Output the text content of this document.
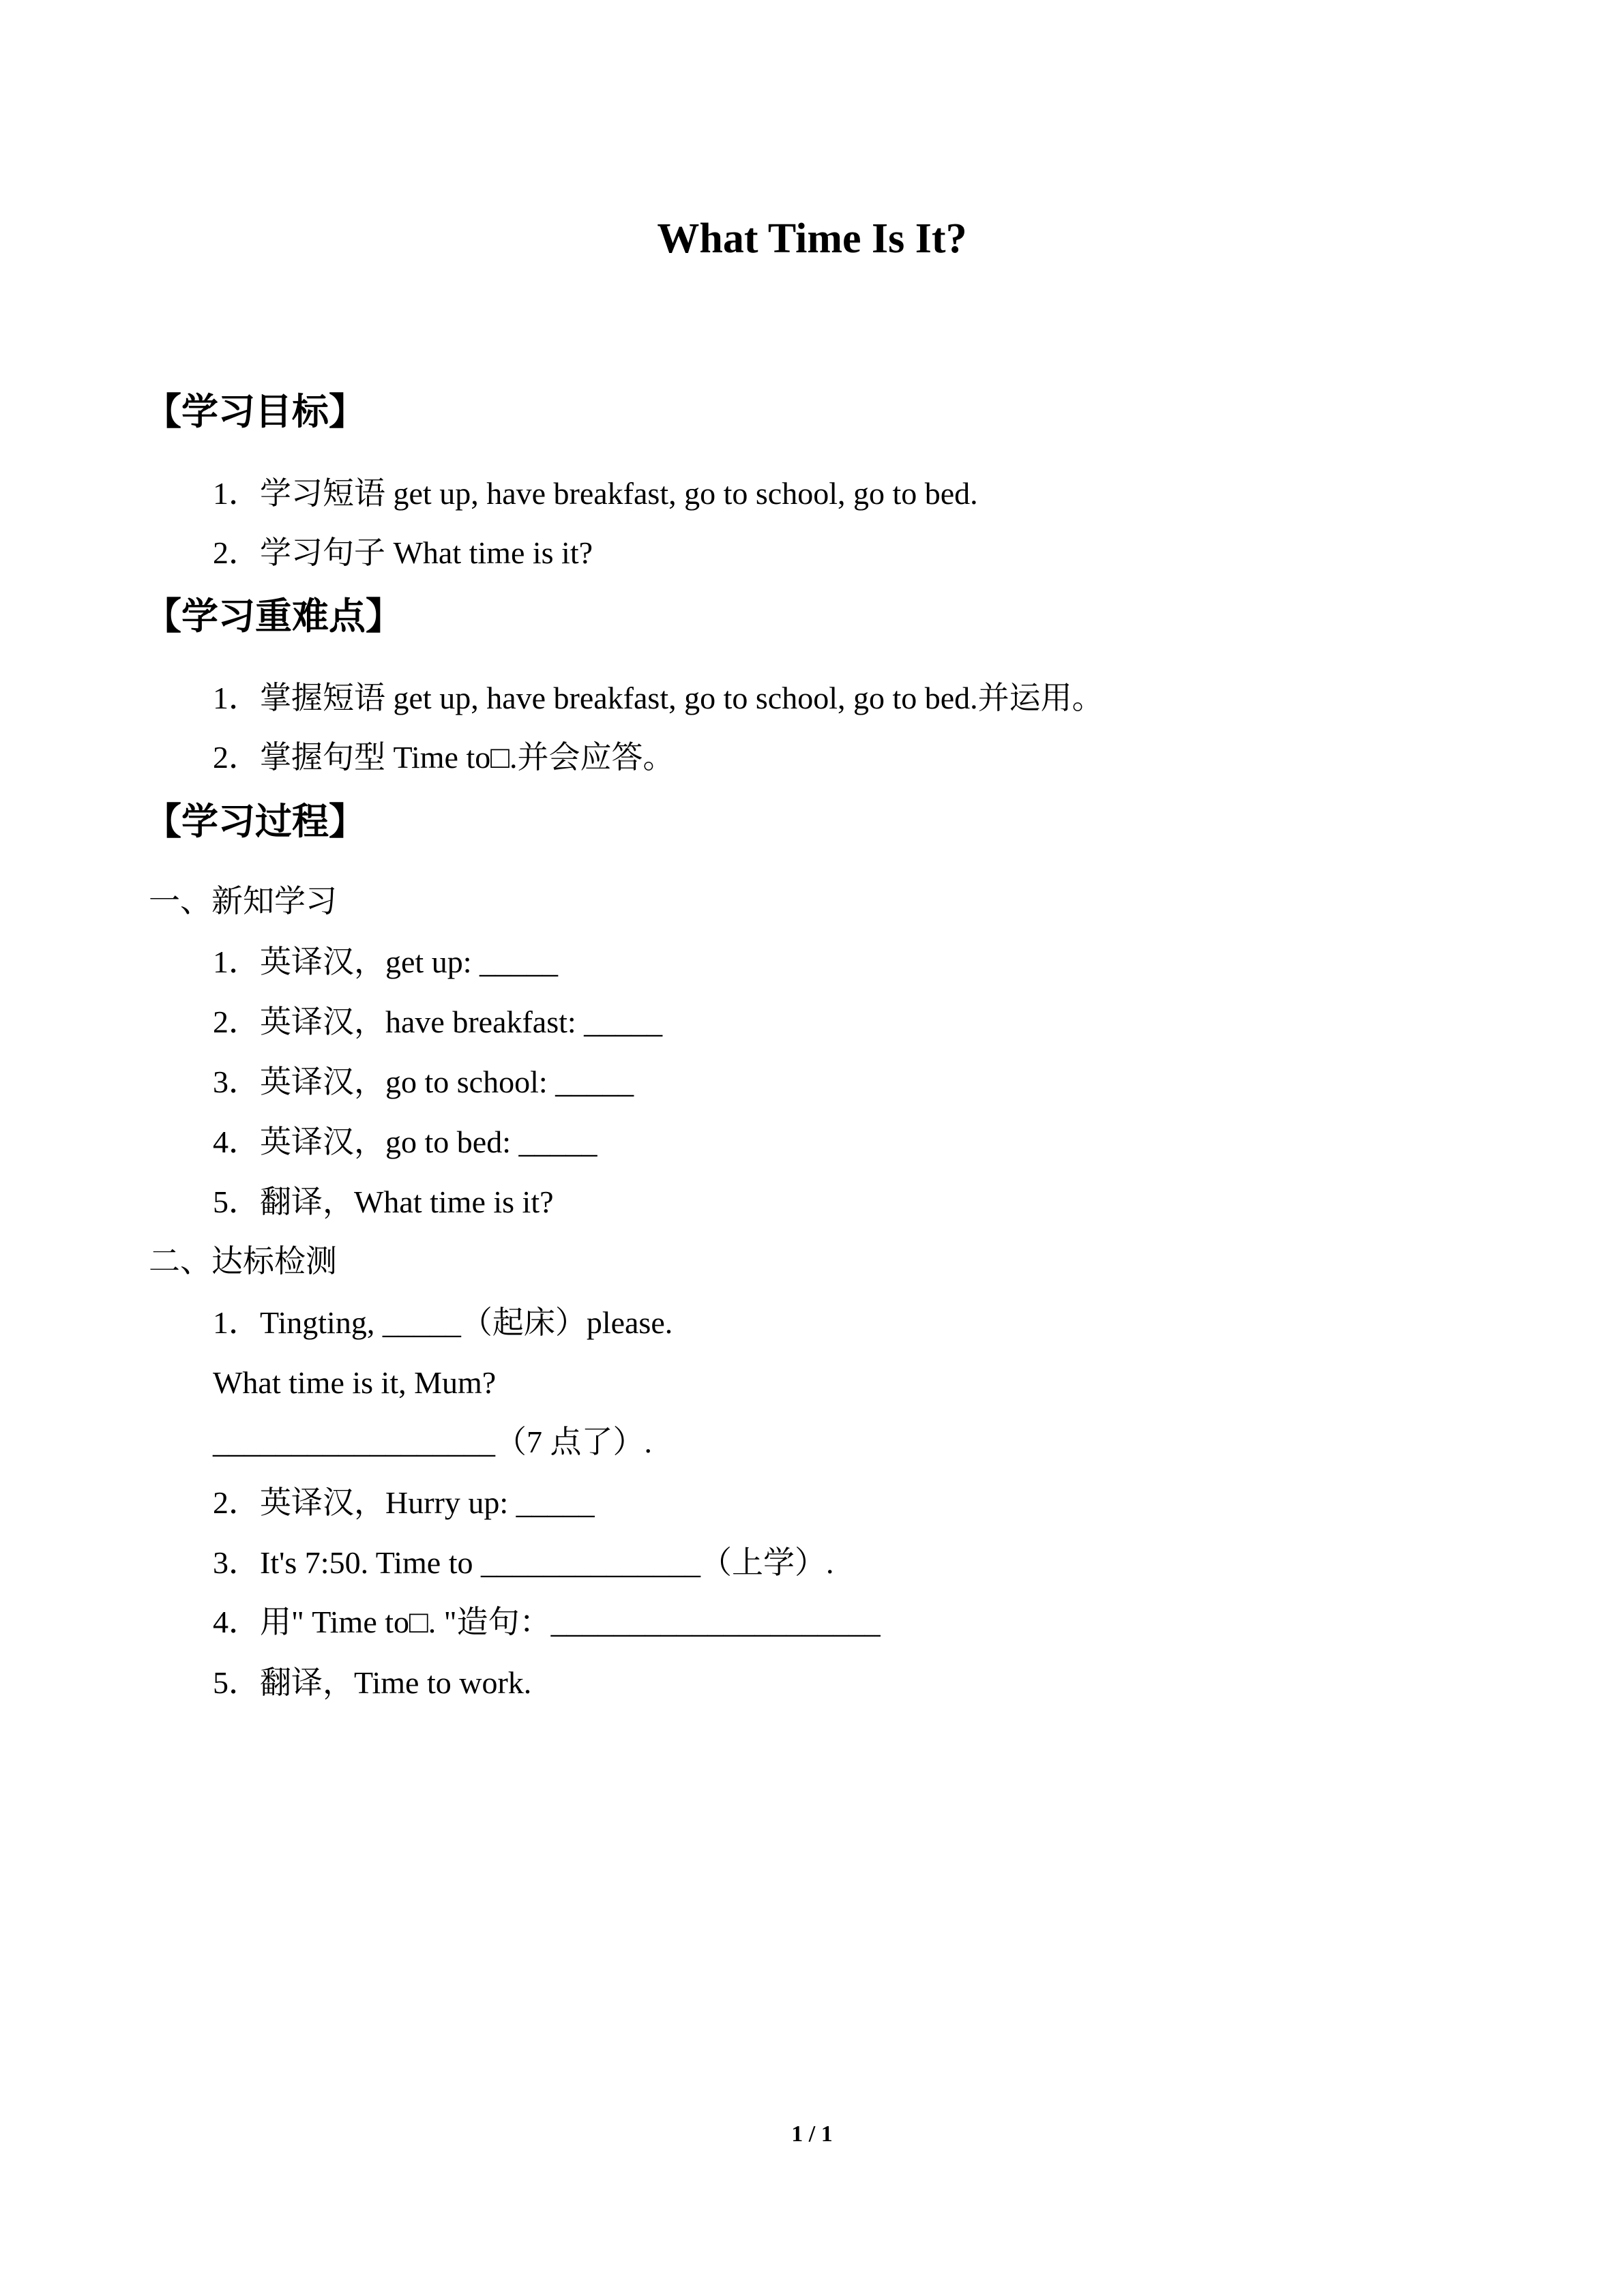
What Time Is It?
【学习目标】
1．学习短语 get up, have breakfast, go to school, go to bed.
2．学习句子 What time is it?
【学习重难点】
1．掌握短语 get up, have breakfast, go to school, go to bed.并运用。
2．掌握句型 Time to□.并会应答。
【学习过程】
一、新知学习
1．英译汉，get up: _____
2．英译汉，have breakfast: _____
3．英译汉，go to school: _____
4．英译汉，go to bed: _____
5．翻译，What time is it?
二、达标检测
1．Tingting, _____（起床）please.
What time is it, Mum?
__________________（7 点了）.
2．英译汉，Hurry up: _____
3．It's 7:50. Time to ______________（上学）.
4．用" Time to□. "造句：_____________________
5．翻译，Time to work.
1 / 1
